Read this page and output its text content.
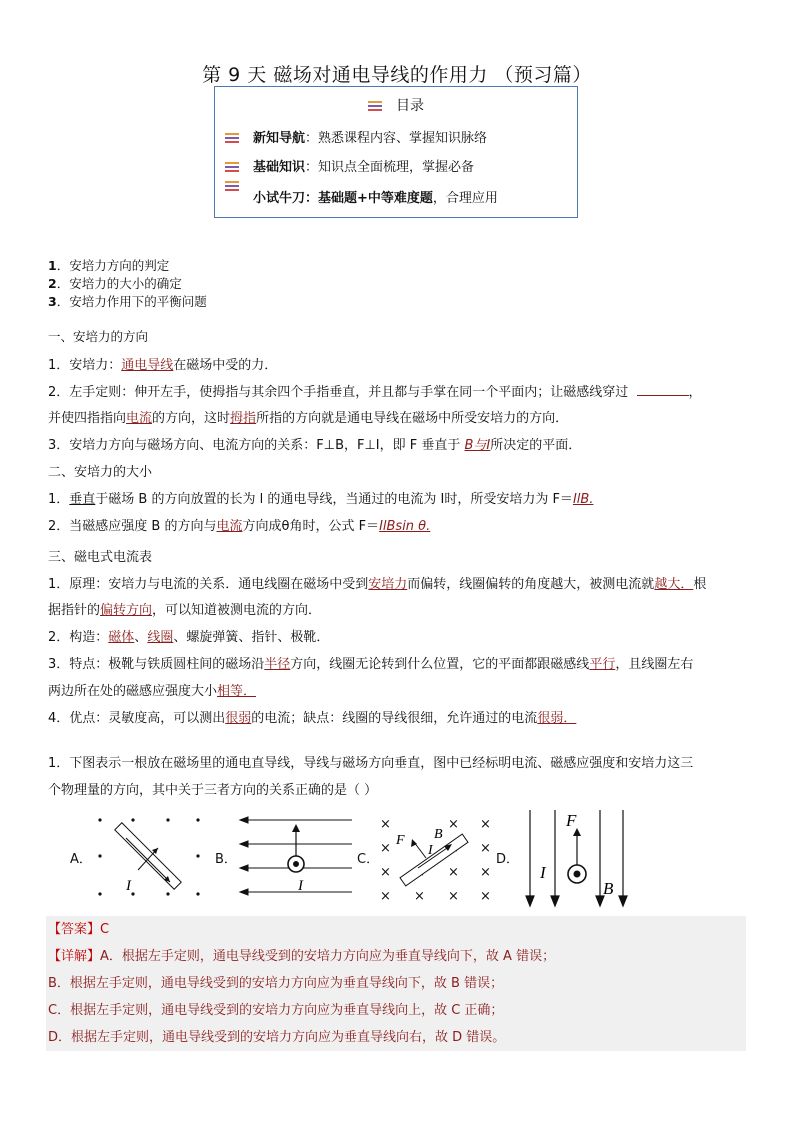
第 9 天 磁场对通电导线的作用力 （预习篇）
目录
新知导航：熟悉课程内容、掌握知识脉络
基础知识：知识点全面梳理，掌握必备
小试牛刀：基础题+中等难度题，合理应用
1．安培力方向的判定
2．安培力的大小的确定
3．安培力作用下的平衡问题
一、安培力的方向
1．安培力：通电导线在磁场中受的力．
2．左手定则：伸开左手，使拇指与其余四个手指垂直，并且都与手掌在同一个平面内；让磁感线穿过	，
并使四指指向电流的方向，这时拇指所指的方向就是通电导线在磁场中所受安培力的方向．
3．安培力方向与磁场方向、电流方向的关系：F⊥B，F⊥I，即 F 垂直于 B与I所决定的平面．
二、安培力的大小
1．垂直于磁场 B 的方向放置的长为 l 的通电导线，当通过的电流为 I时，所受安培力为 F＝IlB.
2．当磁感应强度 B 的方向与电流方向成θ角时，公式 F＝IlBsin θ.
三、磁电式电流表
1．原理：安培力与电流的关系．通电线圈在磁场中受到安培力而偏转，线圈偏转的角度越大，被测电流就越大．根
据指针的偏转方向，可以知道被测电流的方向．
2．构造：磁体、线圈、螺旋弹簧、指针、极靴．
3．特点：极靴与铁质圆柱间的磁场沿半径方向，线圈无论转到什么位置，它的平面都跟磁感线平行，且线圈左右
两边所在处的磁感应强度大小相等．
4．优点：灵敏度高，可以测出很弱的电流；缺点：线圈的导线很细，允许通过的电流很弱．
1．下图表示一根放在磁场里的通电直导线，导线与磁场方向垂直，图中已经标明电流、磁感应强度和安培力这三
个物理量的方向，其中关于三者方向的关系正确的是（ ）
A．	B．	C．	D．
I	I
×	× ×
×	×
×	× ×
× × × ×
F B
I
F
I
B
【答案】C
【详解】A．根据左手定则，通电导线受到的安培力方向应为垂直导线向下，故 A 错误；
B．根据左手定则，通电导线受到的安培力方向应为垂直导线向下，故 B 错误；
C．根据左手定则，通电导线受到的安培力方向应为垂直导线向上，故 C 正确；
D．根据左手定则，通电导线受到的安培力方向应为垂直导线向右，故 D 错误。
